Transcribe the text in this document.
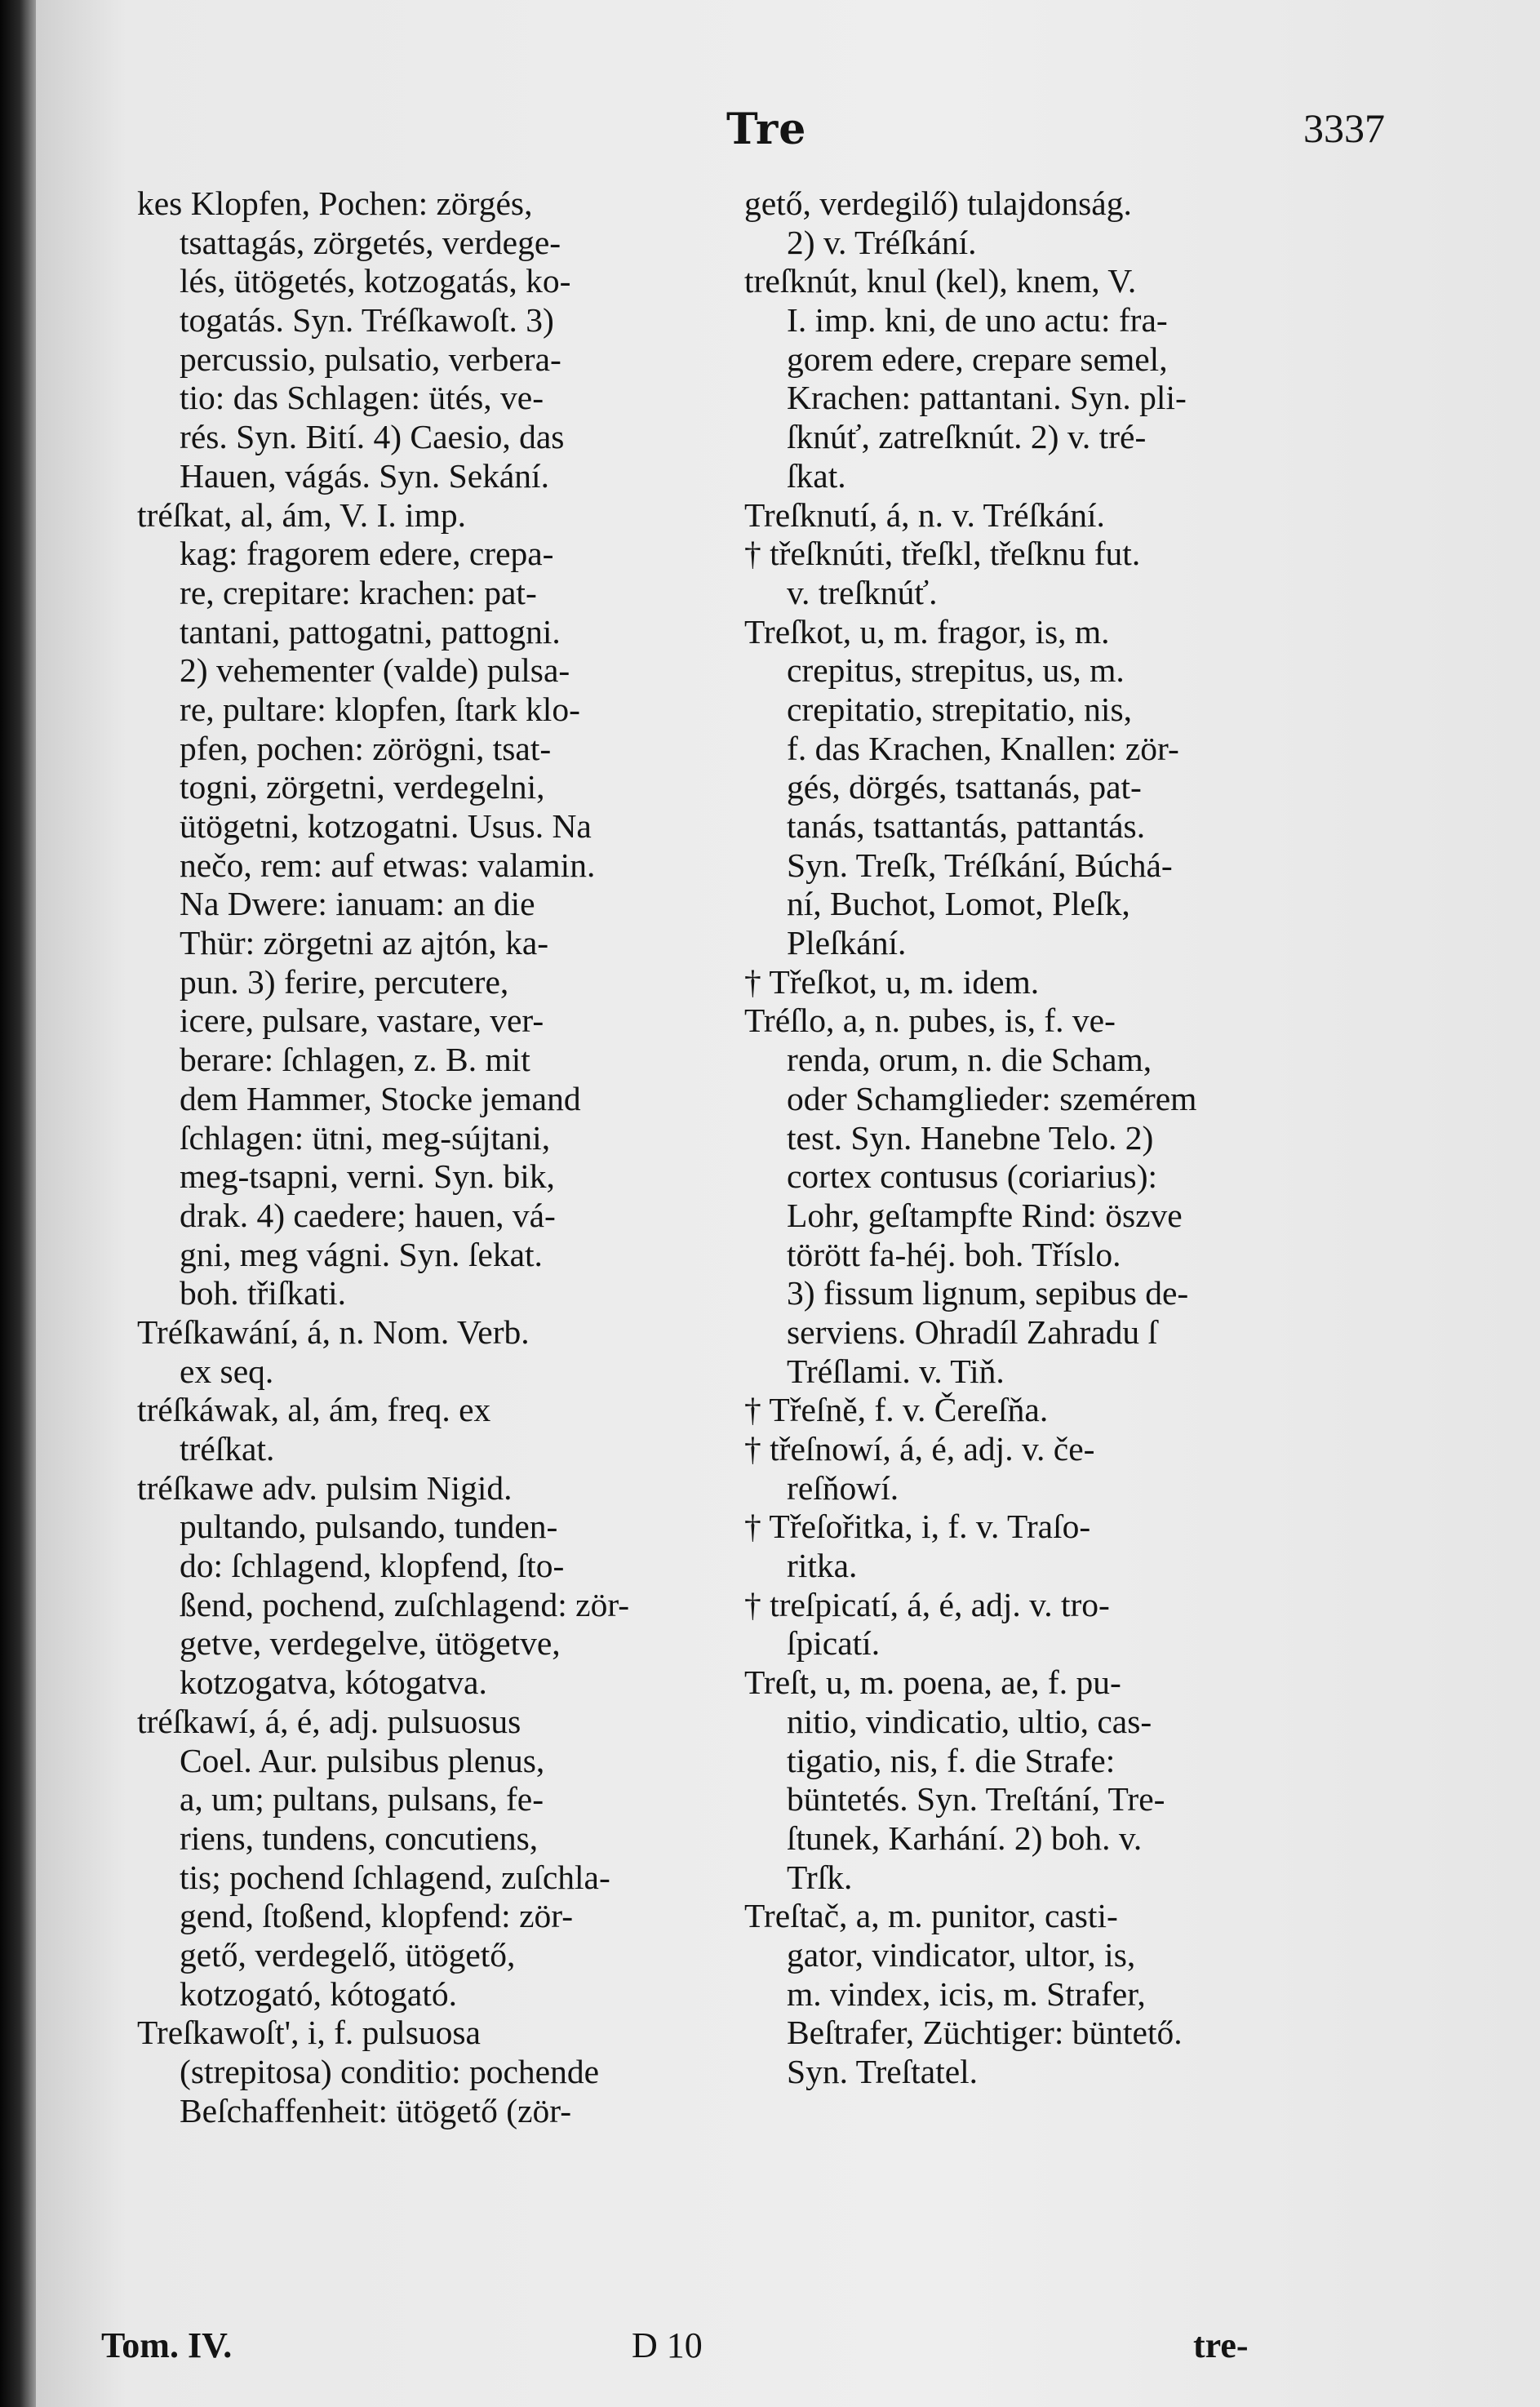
Tre	3337
kes Klopfen, Pochen: zörgés,
tsattagás, zörgetés, verdege-
lés, ütögetés, kotzogatás, ko-
togatás. Syn. Tréſkawoſt. 3)
percussio, pulsatio, verbera-
tio: das Schlagen: ütés, ve-
rés. Syn. Bití. 4) Caesio, das
Hauen, vágás. Syn. Sekání.
tréſkat, al, ám, V. I. imp.
kag: fragorem edere, crepa-
re, crepitare: krachen: pat-
tantani, pattogatni, pattogni.
2) vehementer (valde) pulsa-
re, pultare: klopfen, ſtark klo-
pfen, pochen: zörögni, tsat-
togni, zörgetni, verdegelni,
ütögetni, kotzogatni. Usus. Na
nečo, rem: auf etwas: valamin.
Na Dwere: ianuam: an die
Thür: zörgetni az ajtón, ka-
pun. 3) ferire, percutere,
icere, pulsare, vastare, ver-
berare: ſchlagen, z. B. mit
dem Hammer, Stocke jemand
ſchlagen: ütni, meg-sújtani,
meg-tsapni, verni. Syn. bik,
drak. 4) caedere; hauen, vá-
gni, meg vágni. Syn. ſekat.
boh. třiſkati.
Tréſkawání, á, n. Nom. Verb.
ex seq.
tréſkáwak, al, ám, freq. ex
tréſkat.
tréſkawe adv. pulsim Nigid.
pultando, pulsando, tunden-
do: ſchlagend, klopfend, ſto-
ßend, pochend, zuſchlagend: zör-
getve, verdegelve, ütögetve,
kotzogatva, kótogatva.
tréſkawí, á, é, adj. pulsuosus
Coel. Aur. pulsibus plenus,
a, um; pultans, pulsans, fe-
riens, tundens, concutiens,
tis; pochend ſchlagend, zuſchla-
gend, ſtoßend, klopfend: zör-
gető, verdegelő, ütögető,
kotzogató, kótogató.
Treſkawoſt', i, f. pulsuosa
(strepitosa) conditio: pochende
Beſchaffenheit: ütögető (zör-
gető, verdegilő) tulajdonság.
2) v. Tréſkání.
treſknút, knul (kel), knem, V.
I. imp. kni, de uno actu: fra-
gorem edere, crepare semel,
Krachen: pattantani. Syn. pli-
ſknúť, zatreſknút. 2) v. tré-
ſkat.
Treſknutí, á, n. v. Tréſkání.
† třeſknúti, třeſkl, třeſknu fut.
v. treſknúť.
Treſkot, u, m. fragor, is, m.
crepitus, strepitus, us, m.
crepitatio, strepitatio, nis,
f. das Krachen, Knallen: zör-
gés, dörgés, tsattanás, pat-
tanás, tsattantás, pattantás.
Syn. Treſk, Tréſkání, Búchá-
ní, Buchot, Lomot, Pleſk,
Pleſkání.
† Třeſkot, u, m. idem.
Tréſlo, a, n. pubes, is, f. ve-
renda, orum, n. die Scham,
oder Schamglieder: szemérem
test. Syn. Hanebne Telo. 2)
cortex contusus (coriarius):
Lohr, geſtampfte Rind: öszve
törött fa-héj. boh. Tříslo.
3) fissum lignum, sepibus de-
serviens. Ohradíl Zahradu ſ
Tréſlami. v. Tiň.
† Třeſně, f. v. Čereſňa.
† třeſnowí, á, é, adj. v. če-
reſňowí.
† Třeſořitka, i, f. v. Traſo-
ritka.
† treſpicatí, á, é, adj. v. tro-
ſpicatí.
Treſt, u, m. poena, ae, f. pu-
nitio, vindicatio, ultio, cas-
tigatio, nis, f. die Strafe:
büntetés. Syn. Treſtání, Tre-
ſtunek, Karhání. 2) boh. v.
Trſk.
Treſtač, a, m. punitor, casti-
gator, vindicator, ultor, is,
m. vindex, icis, m. Strafer,
Beſtrafer, Züchtiger: büntető.
Syn. Treſtatel.
Tom. IV.	D 10	tre-
